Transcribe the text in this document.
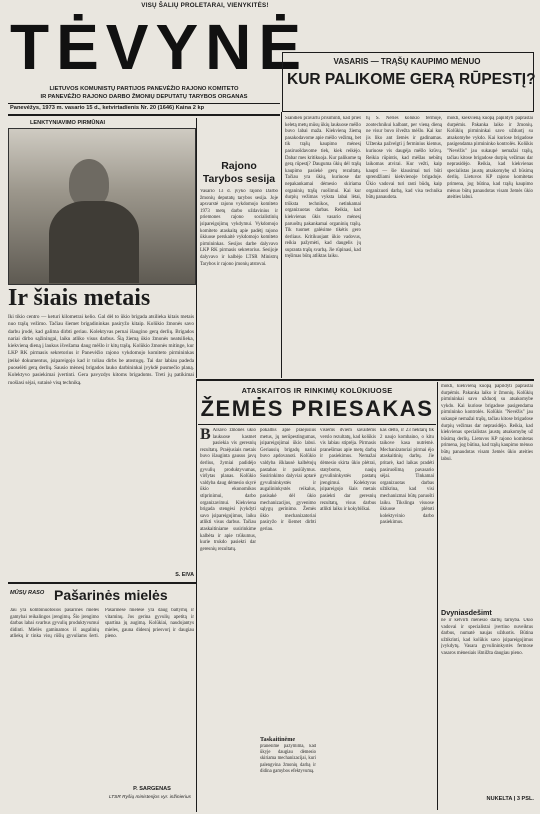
VISŲ ŠALIŲ PROLETARAI, VIENYKITĖS!
TĖVYNĖ
LIETUVOS KOMUNISTŲ PARTIJOS PANEVĖŽIO RAJONO KOMITETO
IR PANEVĖŽIO RAJONO DARBO ŽMONIŲ DEPUTATŲ TARYBOS ORGANAS
Panevėžys, 1973 m. vasario 15 d., ketvirtadienis Nr. 20 (1646) Kaina 2 kp
VASARIS — TRĄŠŲ KAUPIMO MĖNUO
KUR PALIKOME GERĄ RŪPESTĮ?
LENKTYNIAVIMO PIRMŪNAI
Ir šiais metais
Iki tikio centro — keturi kilometrai kelio. Gal dėl to ūkio brigada atsilieka kitais metais nuo trąšų vežimo. Tačiau šiemet brigadininkas pasiryžo kitaip. Kolūkio žmonės savo darbu įrodė, kad galima dirbti geriau. Kolektyvas pernai išaugino gerą derlių. Brigados nariai dirbo sąžiningai, laiku atliko visus darbus. Šią žiemą ūkio žmonės neatsilieka, kiekvieną dieną į laukus išvežama daug mėšlo ir kitų trąšų. Kolūkio žmonės mitinge, kur LKP RK pirmasis sekretorius ir Panevėžio rajono vykdomojo komiteto pirmininkas įteikė dokumentus, įsipareigojo kad ir toliau dirbs be atostogų. Tai dar labiau padeda puoselėti gerą derlių. Sausio mėnesį brigados lauko darbininkai įvykdė pusmečio planą. Kolektyvo pasiekimai įvertinti. Gera pavyzdys kitoms brigadoms. Treti jų patikimai ruošiasi sėjai, sutaisė visą techniką.
S. EIVA
Rajono Tarybos sesija
Vasario 13 d. įvyko rajono Darbo žmonių deputatų tarybos sesija. Joje apsvarstė rajono vykdomojo komiteto 1973 metų darbo uždavinius ir priemones rajono socialistinių įsipareigojimų vykdymui. Vykdomojo komiteto ataskaitą apie padėtį rajono ūkiuose perskaitė vykdomojo komiteto pirmininkas. Sesijos darbe dalyvavo LKP RK pirmasis sekretorius. Sesijoje dalyvavo ir kalbėjo LTSR Ministrų Tarybos ir rajono įmonių atstovai.
Šiandien pravartu prisiminti, kad prieš keletą metų mūsų ūkių laukuose mėšlo buvo labai maža. Kiekvieną žiemą pasakodavome apie mėšlo vežimą, bet tik trąšų kaupimo mėnesį pasiruošdavome tiek, kiek reikėjo. Dabar mes kritikuoja. Kur palikome tą gerą rūpestį? Dauguma ūkių dėl trąšų kaupimo pasiekė gerų rezultatų. Tačiau yra ūkių, kuriuose dar nepakankamai dėmesio skiriama organinių trąšų ruošimui. Kai kur durpių vežimas vyksta labai lėtai, trūksta technikos, netinkamai organizuotas darbas. Reikia, kad kiekvienas ūkis vasario mėnesį paruoštų pakankamai organinių trąšų. Tik tuomet galėsime tikėtis gero derliaus. Kritikuojant ūkio vadovus, reikia pažymėti, kad daugelis jų supranta trąšų svarbą. Jie rūpinasi, kad tręšimas būtų atliktas laiku.
tų S. Nėries kolūkio fermoje, zootechnikui kalbant, per vieną dieną ne visur buvo išvežta mėšlo. Kai kur jis liko ant žemės ir gadinamas. Užtenka pažvelgti į ferminius kiemus, kuriuose vis daugėja mėšlo krūvų. Reikia rūpintis, kad mėšlas nebūtų laikomas atvirai. Kur vežti, kaip kaupti — šie klausimai turi būti sprendžiami kiekvienoje brigadoje. Ūkio vadovai turi rasti būdų, kaip organizuoti darbą, kad visa technika būtų panaudota.
mokti, kiekvieną kuopą papildyti paprastai durpėmis. Pakanka laiko ir žmonių. Kolūkių pirmininkai savo užduotį su atsakomybe vykdo. Kai kuriose brigadose pasigendama pirmininko kontrolės. Kolūkis "Nevėžis" jau sukaupė nemažai trąšų, tačiau kitose brigadose durpių vežimas dar neprasidėjo. Reikia, kad kiekvienas specialistas jaustų atsakomybę už būsimą derlių. Lietuvos KP rajono komitetas primena, jog būtina, kad trąšų kaupimo mėnuo būtų panaudotas visam žemės ūkio ateities labui.
ATASKAITOS IR RINKIMŲ KOLŪKIUOSE
ŽEMĖS PRIESAKAS
B Alsavo žmonės ūkio laukuose kasmet pasiekia vis geresnių rezultatų. Praėjusiais metais buvo išauginta gausus javų derlius, žymiai padidėjo gyvulių produktyvumas, viršytas planas. Kolūkio valdyba daug dėmesio skyrė ūkio ekonomikos stiprinimui, darbo organizavimui. Kiekviena brigada stengėsi įvykdyti savo įsipareigojimus, laiku atlikti visus darbus. Tačiau ataskaitiniame susirinkime kalbėta ir apie trūkumus, kurie trukdo pasiekti dar geresnių rezultatų.
pokalbis apie praėjusius metus, jų nerūpestingumas, įsipareigojimai ūkio labui. Geriausių brigadų nariai buvo apdovanoti. Kolūkio valdyba išklausė kalbėtojų pastabas ir pasiūlymus. Susirinkimo dalyviai aptarė gyvulininkystės ir augalininkystės reikalus, pasisakė dėl ūkio mechanizacijos, gyvenimo sąlygų gerinimo. Žemės ūkio mechanizatoriai pasiryžo ir šiemet dirbti geriau.
visiems dviem savaitėms verslo rezultatų, kad kolūkis vis labiau stiprėja. Pirmasis pranešimas apie metų darbą ir pasiekimus. Nemažai dėmesio skirta ūkio plėtrai, statyboms, naujų gyvulininkystės pastatų įrengimui. Kolektyvas įsipareigojo šiais metais pasiekti dar geresnių rezultatų, visus darbus atlikti laiku ir kokybiškai.
kas dėlto, ir 23 hektarų tik 2 naujo kombaino, o kitu taikove kasa nutrėmė. Mechanizatoriai pirmai ėjo ataskaitinių darbų. Jie pritarė, kad laikas pradėti pasiruošimą pavasario sėjai. Tinkamai organizuotas darbas užtikrina, kad visi mechanizmai būtų paruošti laiku. Tikslinga visuose ūkiuose plėtoti kolektyvinio darbo pasiekimus.
Taskaitinėme
pranešime pažymima, kad ūkyje daugiau dėmesio skiriama mechanizacijai, kuri palengvina žmonių darbą ir didina gamybos efektyvumą.
mokti, kiekvieną kuopą papildyti paprastai durpėmis. Pakanka laiko ir žmonių. Kolūkių pirmininkai savo užduotį su atsakomybe vykdo. Kai kuriose brigadose pasigendama pirmininko kontrolės. Kolūkis "Nevėžis" jau sukaupė nemažai trąšų, tačiau kitose brigadose durpių vežimas dar neprasidėjo. Reikia, kad kiekvienas specialistas jaustų atsakomybę už būsimą derlių. Lietuvos KP rajono komitetas primena, jog būtina, kad trąšų kaupimo mėnuo būtų panaudotas visam žemės ūkio ateities labui.
Dvyniasdešimt
ne ir ketvirti mėnesio darbų tarnyba. Ūkio vadovai ir specialistai įvertino nuveiktus darbus, numatė naujas užduotis. Būtina užtikrinti, kad kolūkis savo įsipareigojimus įvykdytų. Vasara gyvulininkystės fermose vasaros mėnesiais išmilžta daugiau pieno.
NUKELTA Į 3 PSL.
MŪSŲ RASO Pašarinės mielės
Jau yra kombinuotosios pašarinės mielės gamybai reikalingos įrengimų. Šio įrengimo darbas labai svarbus gyvulių produktyvumui didinti. Mielės gaminamos iš augalinių atliekų ir tinka visų rūšių gyvuliams šerti. Pašarinėse mielėse yra daug baltymų ir vitaminų. Jos gerina gyvulių apetitą ir spartina jų augimą. Kolūkiai, naudojantys mieles, gauna didesnį priesvorį ir daugiau pieno.
P. SARGENAS
LTSR Ryšių ministerijos vyr. inžinierius
